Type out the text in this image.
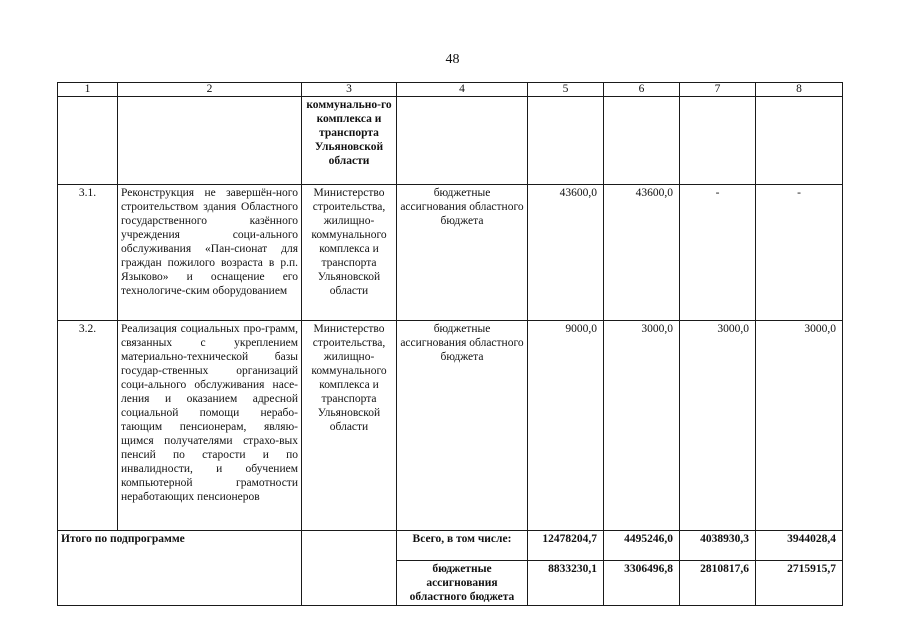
48
1	2	3	4	5	6	7	8
		коммунально-го комплекса и транспорта Ульяновской области					
3.1.	Реконструкция не завершён-ного строительством здания Областного государственного казённого учреждения соци-ального обслуживания «Пан-сионат для граждан пожилого возраста в р.п. Языково» и оснащение его технологиче-ским оборудованием	Министерство строительства, жилищно-коммунального комплекса и транспорта Ульяновской области	бюджетные ассигнования областного бюджета	43600,0	43600,0	-	-
3.2.	Реализация социальных про-грамм, связанных с укреплением материально-технической базы государ-ственных организаций соци-ального обслуживания насе-ления и оказанием адресной социальной помощи нерабо-тающим пенсионерам, являю-щимся получателями страхо-вых пенсий по старости и по инвалидности, и обучением компьютерной грамотности неработающих пенсионеров	Министерство строительства, жилищно-коммунального комплекса и транспорта Ульяновской области	бюджетные ассигнования областного бюджета	9000,0	3000,0	3000,0	3000,0
Итого по подпрограмме			Всего, в том числе:	12478204,7	4495246,0	4038930,3	3944028,4
			бюджетные ассигнования областного бюджета	8833230,1	3306496,8	2810817,6	2715915,7
